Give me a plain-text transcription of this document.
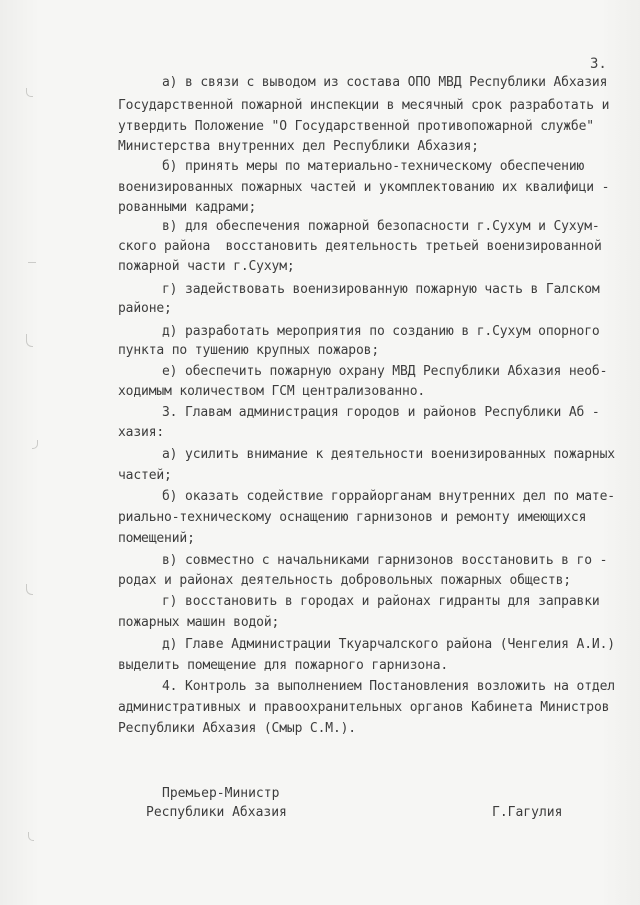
3.
а) в связи с выводом из состава ОПО МВД Республики Абхазия
Государственной пожарной инспекции в месячный срок разработать и
утвердить Положение "О Государственной противопожарной службе"
Министерства внутренних дел Республики Абхазия;
б) принять меры по материально-техническому обеспечению
военизированных пожарных частей и укомплектованию их квалифици -
рованными кадрами;
в) для обеспечения пожарной безопасности г.Сухум и Сухум-
ского района  восстановить деятельность третьей военизированной
пожарной части г.Сухум;
г) задействовать военизированную пожарную часть в Галском
районе;
д) разработать мероприятия по созданию в г.Сухум опорного
пункта по тушению крупных пожаров;
е) обеспечить пожарную охрану МВД Республики Абхазия необ-
ходимым количеством ГСМ централизованно.
3. Главам администрация городов и районов Республики Аб -
хазия:
а) усилить внимание к деятельности военизированных пожарных
частей;
б) оказать содействие горрайорганам внутренних дел по мате-
риально-техническому оснащению гарнизонов и ремонту имеющихся
помещений;
в) совместно с начальниками гарнизонов восстановить в го -
родах и районах деятельность добровольных пожарных обществ;
г) восстановить в городах и районах гидранты для заправки
пожарных машин водой;
д) Главе Администрации Ткуарчалского района (Ченгелия А.И.)
выделить помещение для пожарного гарнизона.
4. Контроль за выполнением Постановления возложить на отдел
административных и правоохранительных органов Кабинета Министров
Республики Абхазия (Смыр С.М.).
Премьер-Министр
Республики Абхазия	Г.Гагулия
